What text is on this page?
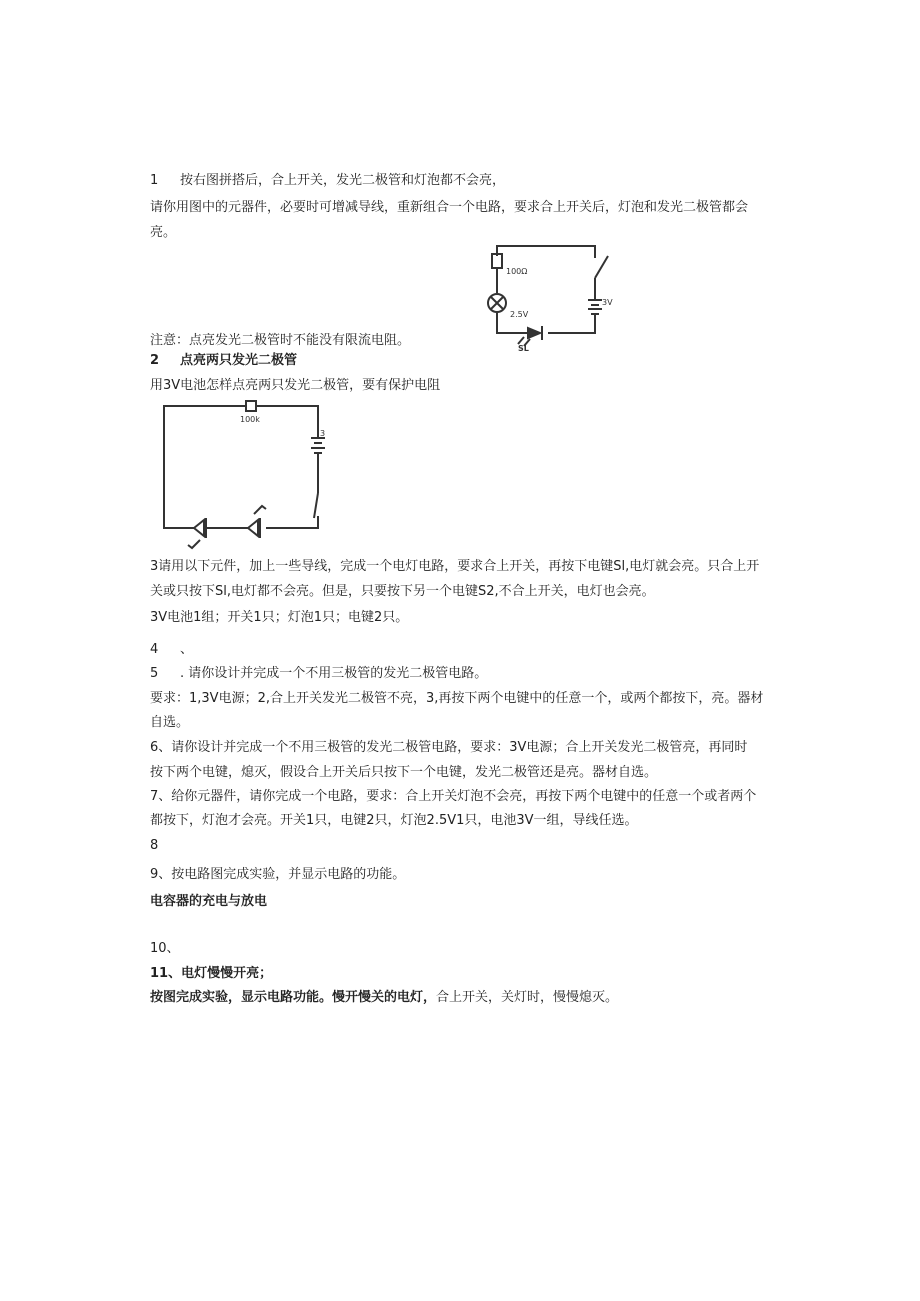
1 按右图拼搭后，合上开关，发光二极管和灯泡都不会亮，
请你用图中的元器件，必要时可增减导线，重新组合一个电路，要求合上开关后，灯泡和发光二极管都会
亮。
100Ω
2.5V
3V
SL
注意：点亮发光二极管时不能没有限流电阻。
2 点亮两只发光二极管
用3V电池怎样点亮两只发光二极管，要有保护电阻
100k
3
3请用以下元件，加上一些导线，完成一个电灯电路，要求合上开关，再按下电键Sl,电灯就会亮。只合上开
关或只按下Sl,电灯都不会亮。但是，只要按下另一个电键S2,不合上开关，电灯也会亮。
3V电池1组；开关1只；灯泡1只；电键2只。
4 、
5 . 请你设计并完成一个不用三极管的发光二极管电路。
要求：1,3V电源；2,合上开关发光二极管不亮，3,再按下两个电键中的任意一个，或两个都按下，亮。器材
自选。
6、请你设计并完成一个不用三极管的发光二极管电路，要求：3V电源；合上开关发光二极管亮，再同时
按下两个电键，熄灭，假设合上开关后只按下一个电键，发光二极管还是亮。器材自选。
7、给你元器件，请你完成一个电路，要求：合上开关灯泡不会亮，再按下两个电键中的任意一个或者两个
都按下，灯泡才会亮。开关1只，电键2只，灯泡2.5V1只，电池3V一组，导线任选。
8
9、按电路图完成实验，并显示电路的功能。
电容器的充电与放电
10、
11、电灯慢慢开亮；
按图完成实验，显示电路功能。慢开慢关的电灯，合上开关，关灯时，慢慢熄灭。
